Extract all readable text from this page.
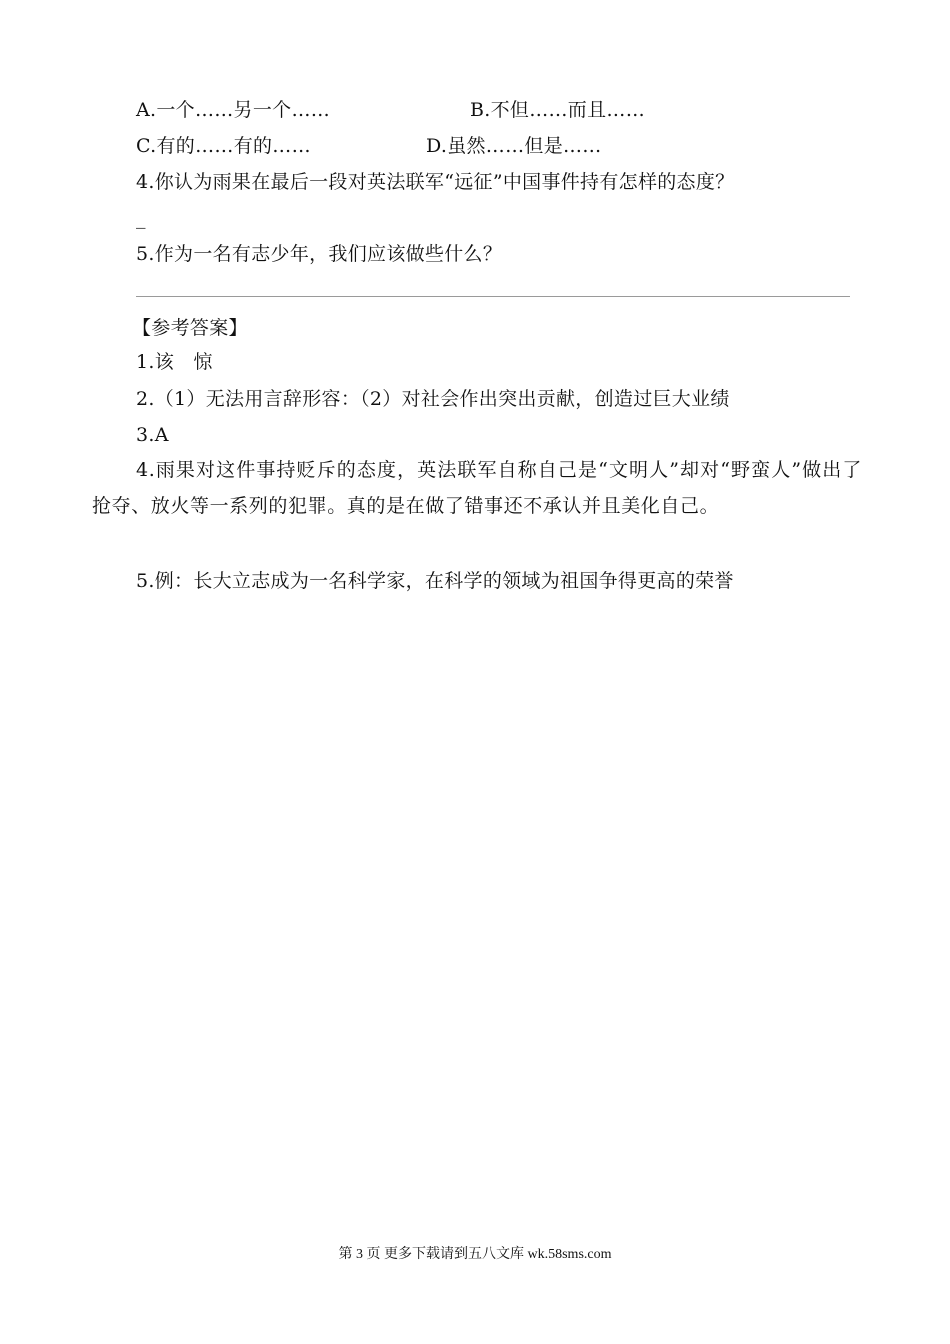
A.一个……另一个……	B.不但……而且……
C.有的……有的……	D.虽然……但是……
4.你认为雨果在最后一段对英法联军“远征”中国事件持有怎样的态度？
_
5.作为一名有志少年，我们应该做些什么？
【参考答案】
1.该　惊
2.（1）无法用言辞形容：（2）对社会作出突出贡献，创造过巨大业绩
3.A
4.雨果对这件事持贬斥的态度，英法联军自称自己是“文明人”却对“野蛮人”做出了抢夺、放火等一系列的犯罪。真的是在做了错事还不承认并且美化自己。
5.例：长大立志成为一名科学家，在科学的领域为祖国争得更高的荣誉
第 3 页 更多下载请到五八文库 wk.58sms.com
